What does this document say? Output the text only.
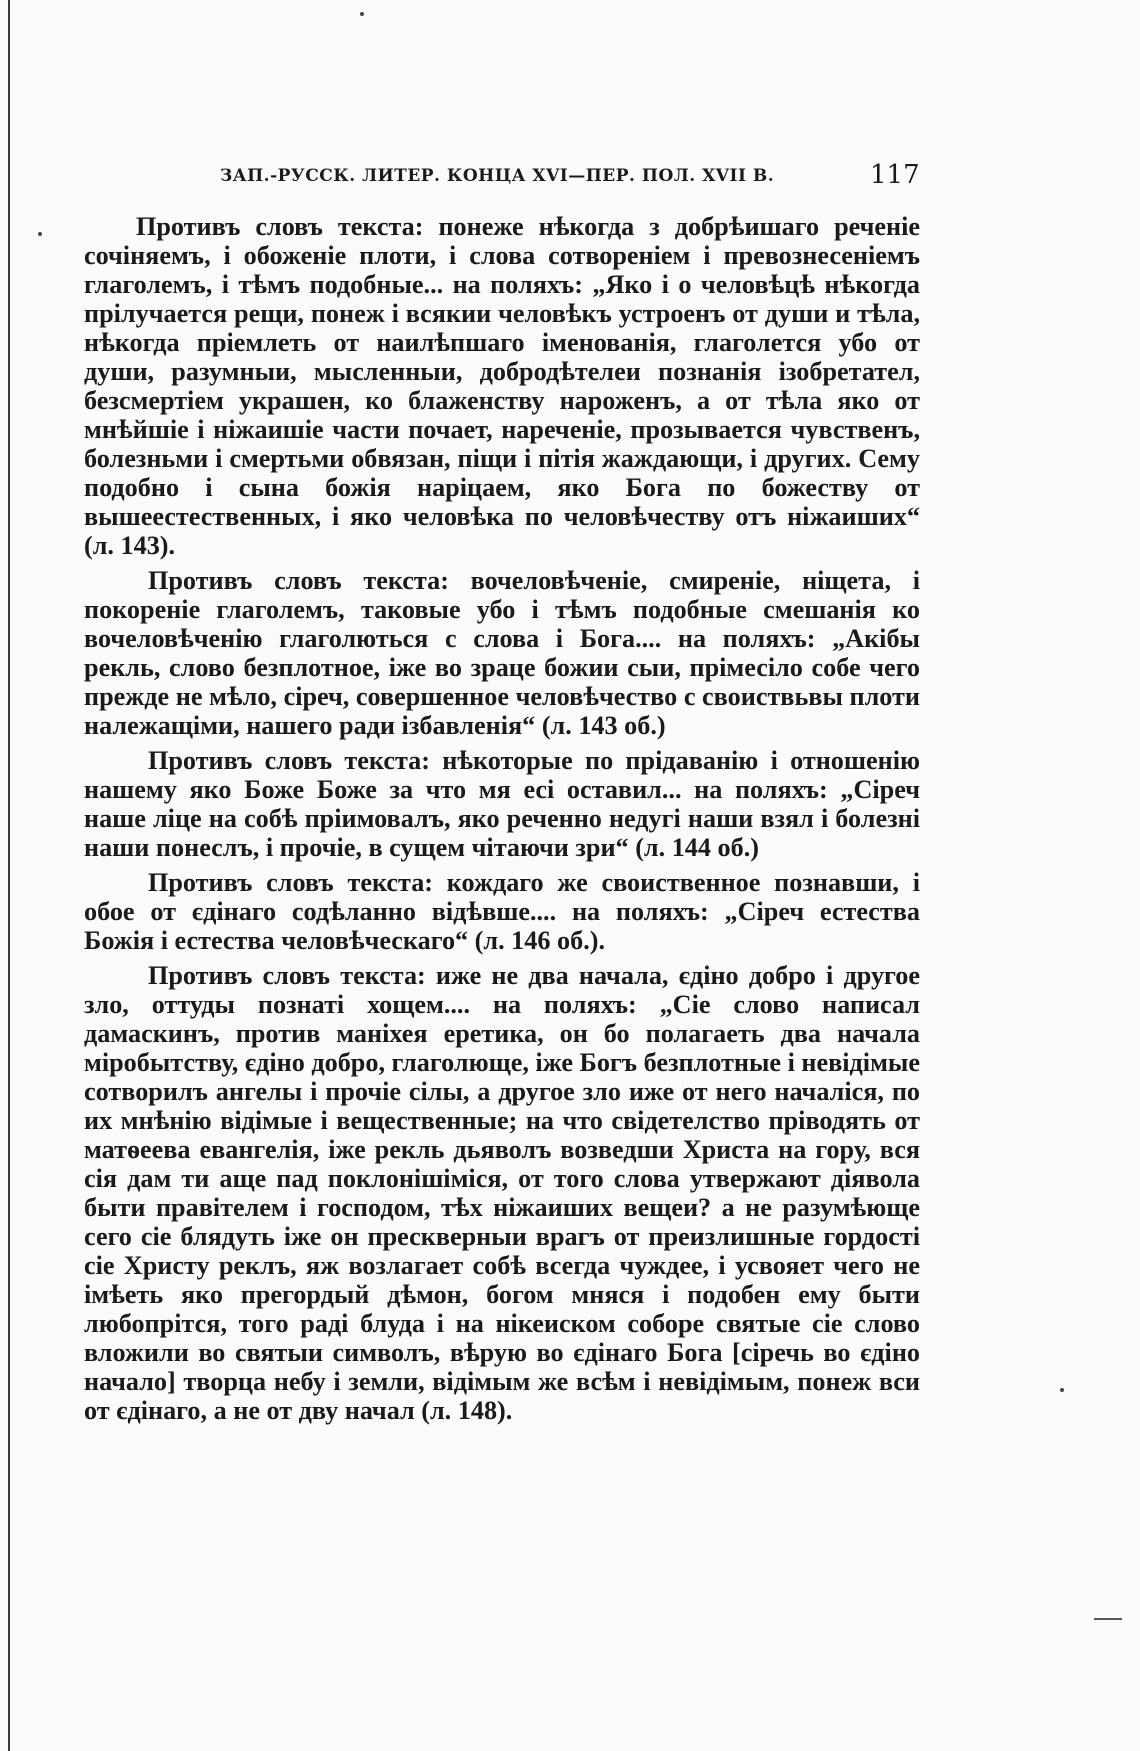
ЗАП.-РУССК. ЛИТЕР. КОНЦА XVI—ПЕР. ПОЛ. XVII В.	117

Противъ словъ текста: понеже нѣкогда з добрѣишаго реченіе сочіняемъ, і обоженіе плоти, і слова сотвореніем і превознесеніемъ глаголемъ, і тѣмъ подобные... на поляхъ: „Яко і о человѣцѣ нѣкогда прілучается рещи, понеж і всякии человѣкъ устроенъ от души и тѣла, нѣкогда пріемлеть от наилѣпшаго іменованія, глаголется убо от души, разумныи, мысленныи, добродѣтелеи познанія ізобретател, безсмертіем украшен, ко блаженству нароженъ, а от тѣла яко от мнѣйшіе і ніжаишіе части почает, нареченіе, прозывается чувственъ, болезньми і смертьми обвязан, піщи і пітія жаждающи, і других. Сему подобно і сына божія наріцаем, яко Бога по божеству от вышеестественных, і яко человѣка по человѣчеству отъ ніжаиших“ (л. 143).

Противъ словъ текста: вочеловѣченіе, смиреніе, ніщета, і покореніе глаголемъ, таковые убо і тѣмъ подобные смешанія ко вочеловѣченію глаголються с слова і Бога.... на поляхъ: „Акібы рекль, слово безплотное, іже во зраце божии сыи, прімесіло собе чего прежде не мѣло, сіреч, совершенное человѣчество с своиствьвы плоти належащіми, нашего ради ізбавленія“ (л. 143 об.)

Противъ словъ текста: нѣкоторые по прідаванію і отношенію нашему яко Боже Боже за что мя есі оставил... на поляхъ: „Сіреч наше ліце на собѣ пріимовалъ, яко реченно недугі наши взял і болезні наши понеслъ, і прочіе, в сущем чітаючи зри“ (л. 144 об.)

Противъ словъ текста: кождаго же своиственное познавши, і обое от єдінаго содѣланно відѣвше.... на поляхъ: „Сіреч естества Божія і естества человѣческаго“ (л. 146 об.).

Противъ словъ текста: иже не два начала, єдіно добро і другое зло, оттуды познаті хощем.... на поляхъ: „Сіе слово написал дамаскинъ, против маніхея еретика, он бо полагаеть два начала міробытству, єдіно добро, глаголюще, іже Богъ безплотные і невідімые сотворилъ ангелы і прочіе сілы, а другое зло иже от него началіся, по их мнѣнію відімые і вещественные; на что свідетелство пріводять от матѳеева евангелія, іже рекль дьяволъ возведши Христа на гору, вся сія дам ти аще пад поклонішіміся, от того слова утвержают діявола быти правітелем і господом, тѣх ніжаиших вещеи? а не разумѣюще сего сіе блядуть іже он прескверныи врагъ от преизлишные гордості сіе Христу реклъ, яж возлагает собѣ всегда чуждее, і усвояет чего не імѣеть яко прегордый дѣмон, богом мняся і подобен ему быти любопрітся, того раді блуда і на нікеиском соборе святые сіе слово вложили во святыи символъ, вѣрую во єдінаго Бога [сіречь во єдіно начало] творца небу і земли, відімым же всѣм і невідімым, понеж вси от єдінаго, а не от дву начал (л. 148).
